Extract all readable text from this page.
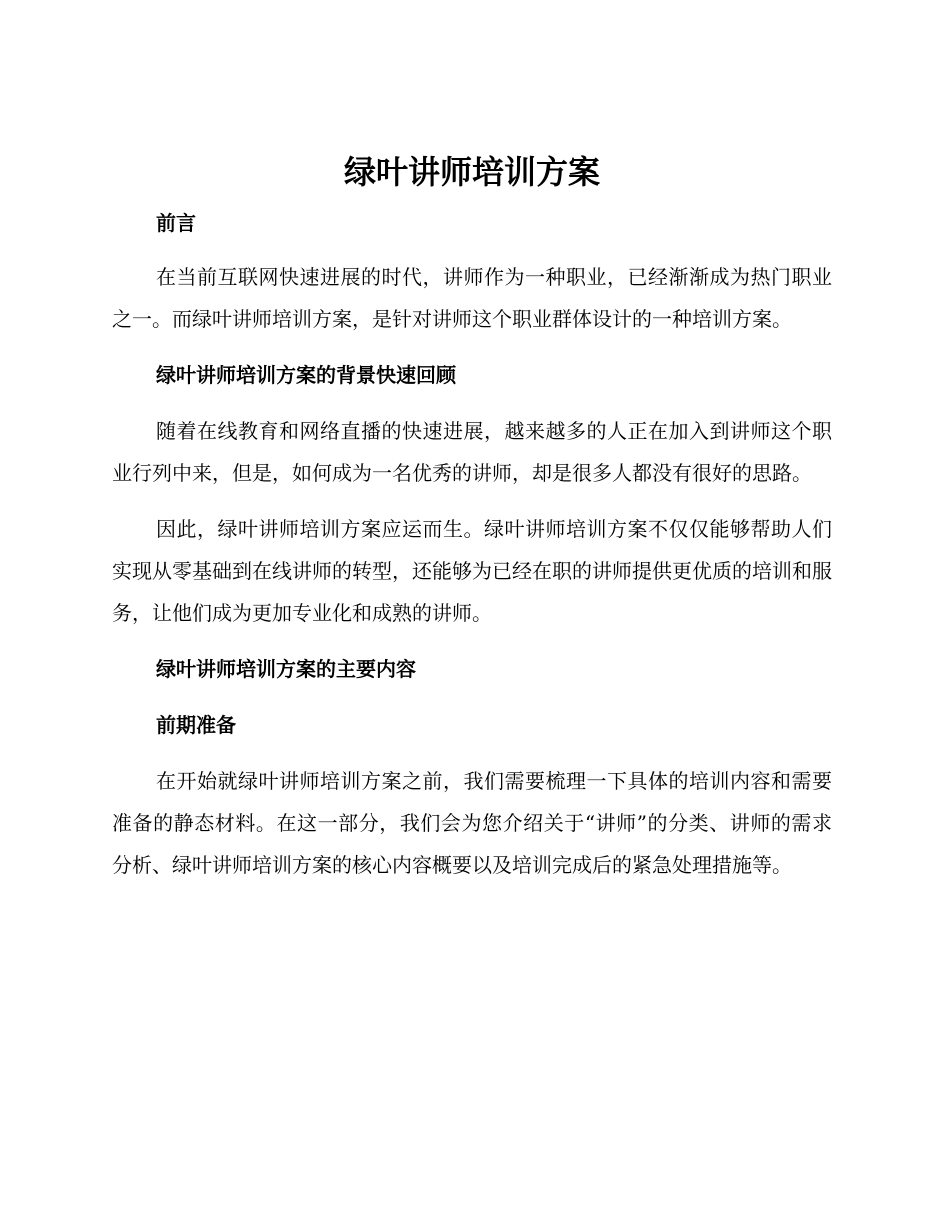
绿叶讲师培训方案
前言

在当前互联网快速进展的时代，讲师作为一种职业，已经渐渐成为热门职业之一。而绿叶讲师培训方案，是针对讲师这个职业群体设计的一种培训方案。

绿叶讲师培训方案的背景快速回顾

随着在线教育和网络直播的快速进展，越来越多的人正在加入到讲师这个职业行列中来，但是，如何成为一名优秀的讲师，却是很多人都没有很好的思路。

因此，绿叶讲师培训方案应运而生。绿叶讲师培训方案不仅仅能够帮助人们实现从零基础到在线讲师的转型，还能够为已经在职的讲师提供更优质的培训和服务，让他们成为更加专业化和成熟的讲师。

绿叶讲师培训方案的主要内容
前期准备

在开始就绿叶讲师培训方案之前，我们需要梳理一下具体的培训内容和需要准备的静态材料。在这一部分，我们会为您介绍关于“讲师”的分类、讲师的需求分析、绿叶讲师培训方案的核心内容概要以及培训完成后的紧急处理措施等。
